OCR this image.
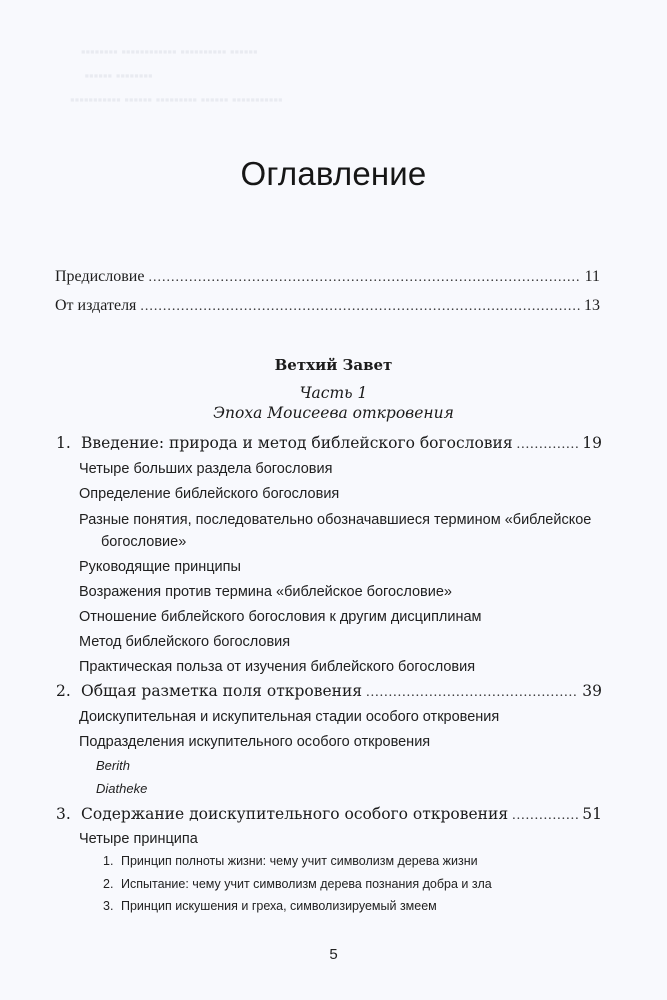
▪▪▪▪▪▪▪▪ ▪▪▪▪▪▪▪▪▪▪▪▪ ▪▪▪▪▪▪▪▪▪▪ ▪▪▪▪▪▪
▪▪▪▪▪▪ ▪▪▪▪▪▪▪▪
▪▪▪▪▪▪▪▪▪▪▪ ▪▪▪▪▪▪ ▪▪▪▪▪▪▪▪▪ ▪▪▪▪▪▪ ▪▪▪▪▪▪▪▪▪▪▪
Оглавление
Предисловие .....	11
От издателя .....	13
Ветхий Завет
Часть 1
Эпоха Моисеева откровения
1. Введение: природа и метод библейского богословия .....	19
Четыре больших раздела богословия
Определение библейского богословия
Разные понятия, последовательно обозначавшиеся термином «библейское
богословие»
Руководящие принципы
Возражения против термина «библейское богословие»
Отношение библейского богословия к другим дисциплинам
Метод библейского богословия
Практическая польза от изучения библейского богословия
2. Общая разметка поля откровения .....	39
Доискупительная и искупительная стадии особого откровения
Подразделения искупительного особого откровения
Berith
Diatheke
3. Содержание доискупительного особого откровения .....	51
Четыре принципа
1. Принцип полноты жизни: чему учит символизм дерева жизни
2. Испытание: чему учит символизм дерева познания добра и зла
3. Принцип искушения и греха, символизируемый змеем
5
